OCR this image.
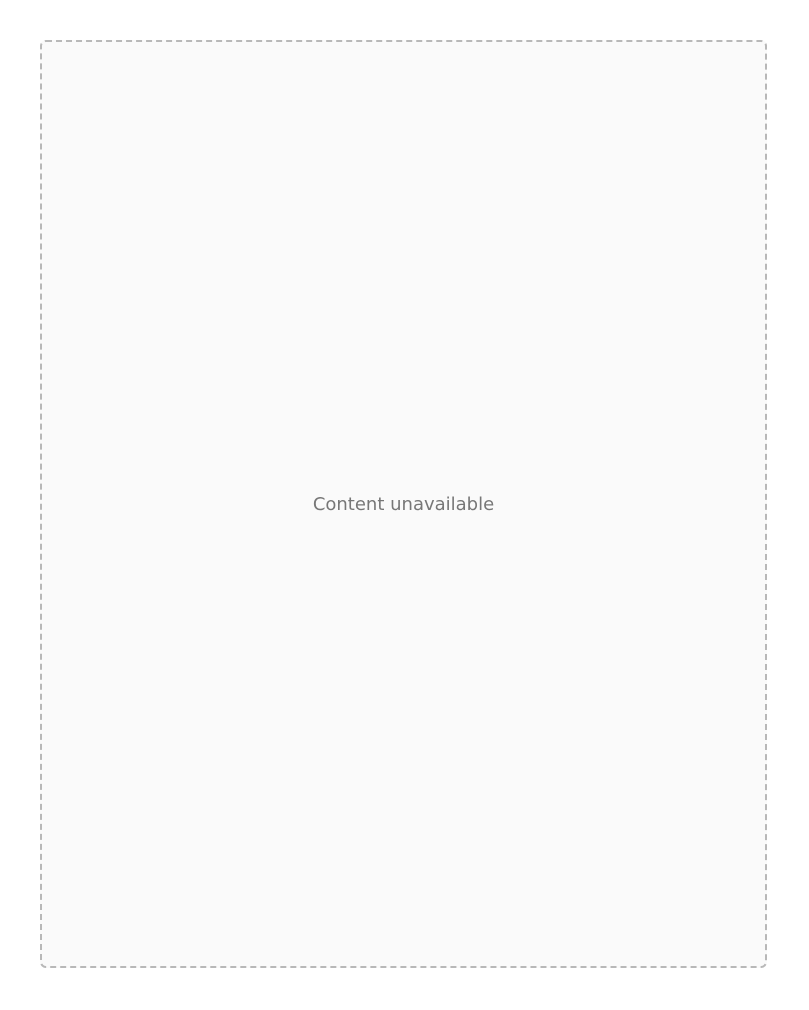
Content unavailable
